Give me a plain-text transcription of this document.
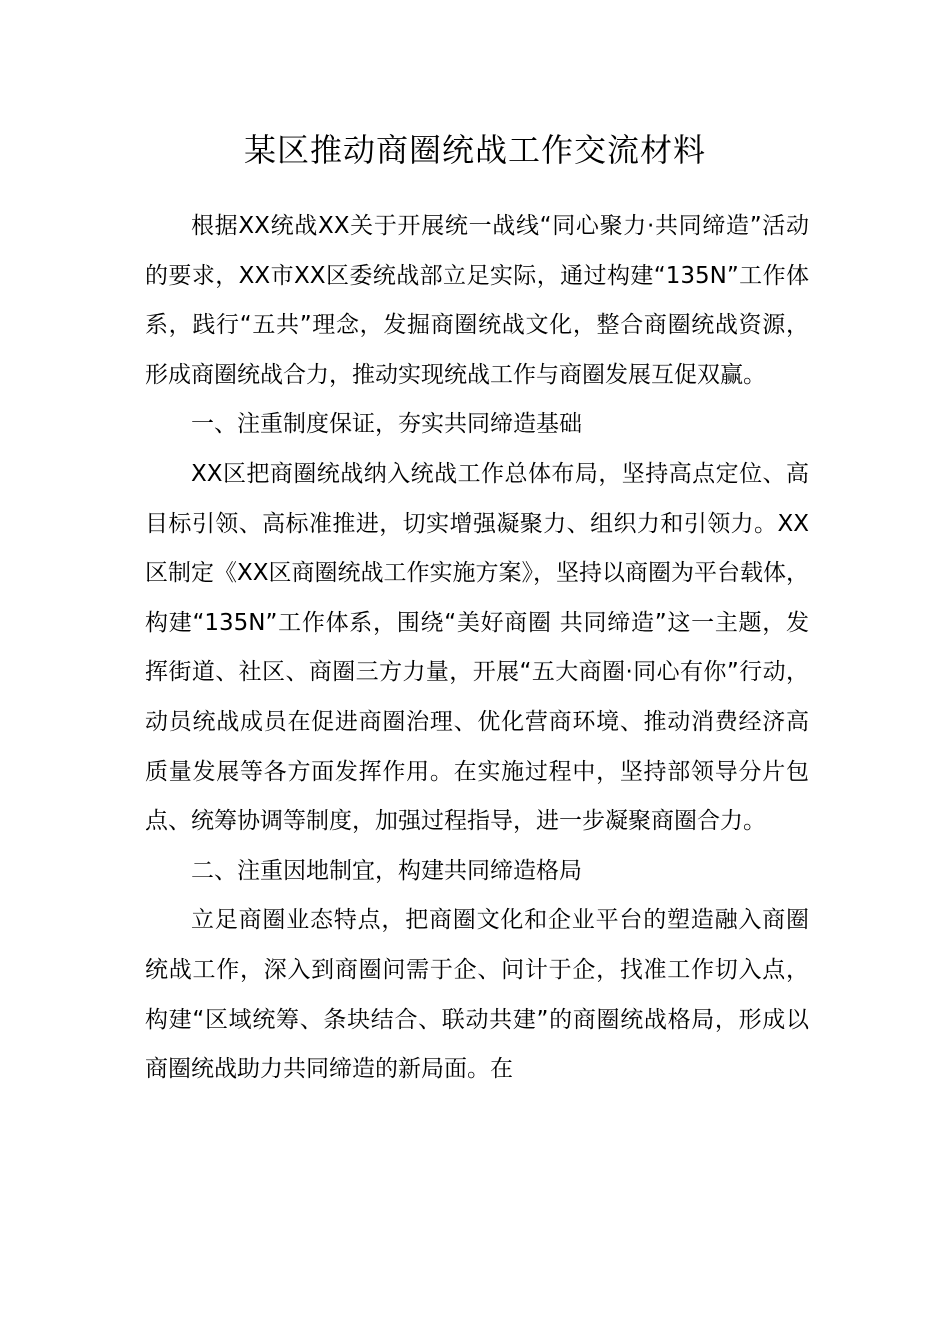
某区推动商圈统战工作交流材料

根据XX统战XX关于开展统一战线“同心聚力·共同缔造”活动的要求，XX市XX区委统战部立足实际，通过构建“135N”工作体系，践行“五共”理念，发掘商圈统战文化，整合商圈统战资源，形成商圈统战合力，推动实现统战工作与商圈发展互促双赢。

一、注重制度保证，夯实共同缔造基础

XX区把商圈统战纳入统战工作总体布局，坚持高点定位、高目标引领、高标准推进，切实增强凝聚力、组织力和引领力。XX区制定《XX区商圈统战工作实施方案》，坚持以商圈为平台载体，构建“135N”工作体系，围绕“美好商圈 共同缔造”这一主题，发挥街道、社区、商圈三方力量，开展“五大商圈·同心有你”行动，动员统战成员在促进商圈治理、优化营商环境、推动消费经济高质量发展等各方面发挥作用。在实施过程中，坚持部领导分片包点、统筹协调等制度，加强过程指导，进一步凝聚商圈合力。

二、注重因地制宜，构建共同缔造格局

立足商圈业态特点，把商圈文化和企业平台的塑造融入商圈统战工作，深入到商圈问需于企、问计于企，找准工作切入点，构建“区域统筹、条块结合、联动共建”的商圈统战格局，形成以商圈统战助力共同缔造的新局面。在
